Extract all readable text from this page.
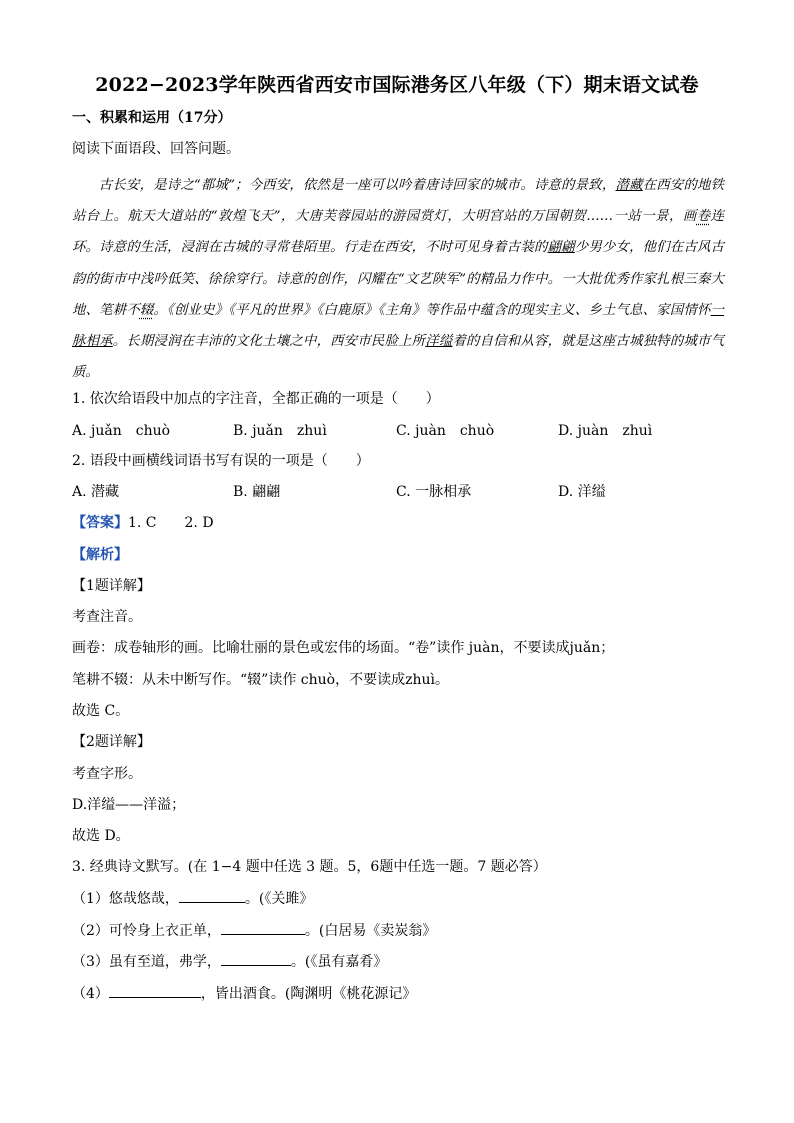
2022−2023学年陕西省西安市国际港务区八年级（下）期末语文试卷
一、积累和运用（17分）
阅读下面语段、回答问题。

古长安，是诗之“都城”；今西安，依然是一座可以吟着唐诗回家的城市。诗意的景致，潜藏在西安的地铁站台上。航天大道站的“敦煌飞天”，大唐芙蓉园站的游园赏灯，大明宫站的万国朝贺……一站一景，画卷连环。诗意的生活，浸润在古城的寻常巷陌里。行走在西安，不时可见身着古装的翩翩少男少女，他们在古风古韵的街市中浅吟低笑、徐徐穿行。诗意的创作，闪耀在“文艺陕军”的精品力作中。一大批优秀作家扎根三秦大地、笔耕不辍。《创业史》《平凡的世界》《白鹿原》《主角》等作品中蕴含的现实主义、乡土气息、家国情怀一脉相承。长期浸润在丰沛的文化土壤之中，西安市民脸上所洋缢着的自信和从容，就是这座古城独特的城市气质。

1. 依次给语段中加点的字注音，全都正确的一项是（　　）
A. juǎn　chuò	B. juǎn　zhuì	C. juàn　chuò	D. juàn　zhuì
2. 语段中画横线词语书写有误的一项是（　　）
A. 潜藏	B. 翩翩	C. 一脉相承	D. 洋缢
【答案】1. C　　2. D
【解析】
【1题详解】
考查注音。
画卷：成卷轴形的画。比喻壮丽的景色或宏伟的场面。“卷”读作 juàn，不要读成juǎn；
笔耕不辍：从未中断写作。“辍”读作 chuò，不要读成zhuì。
故选 C。
【2题详解】
考查字形。
D.洋缢——洋溢；
故选 D。
3. 经典诗文默写。(在 1−4 题中任选 3 题。5，6题中任选一题。7 题必答）
（1）悠哉悠哉，	。(《关雎》
（2）可怜身上衣正单，	。(白居易《卖炭翁》
（3）虽有至道，弗学，	。(《虽有嘉肴》
（4）	，皆出酒食。(陶渊明《桃花源记》
